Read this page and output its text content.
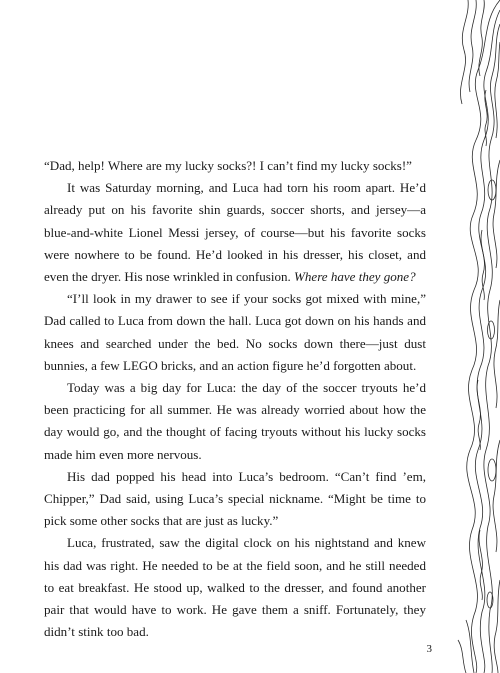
“Dad, help! Where are my lucky socks?! I can’t find my lucky socks!”

It was Saturday morning, and Luca had torn his room apart. He’d already put on his favorite shin guards, soccer shorts, and jersey—a blue-and-white Lionel Messi jersey, of course—but his favorite socks were nowhere to be found. He’d looked in his dresser, his closet, and even the dryer. His nose wrinkled in confusion. Where have they gone?

“I’ll look in my drawer to see if your socks got mixed with mine,” Dad called to Luca from down the hall. Luca got down on his hands and knees and searched under the bed. No socks down there—just dust bunnies, a few LEGO bricks, and an action figure he’d forgotten about.

Today was a big day for Luca: the day of the soccer tryouts he’d been practicing for all summer. He was already worried about how the day would go, and the thought of facing tryouts without his lucky socks made him even more nervous.

His dad popped his head into Luca’s bedroom. “Can’t find ’em, Chipper,” Dad said, using Luca’s special nickname. “Might be time to pick some other socks that are just as lucky.”

Luca, frustrated, saw the digital clock on his nightstand and knew his dad was right. He needed to be at the field soon, and he still needed to eat breakfast. He stood up, walked to the dresser, and found another pair that would have to work. He gave them a sniff. Fortunately, they didn’t stink too bad.

3
